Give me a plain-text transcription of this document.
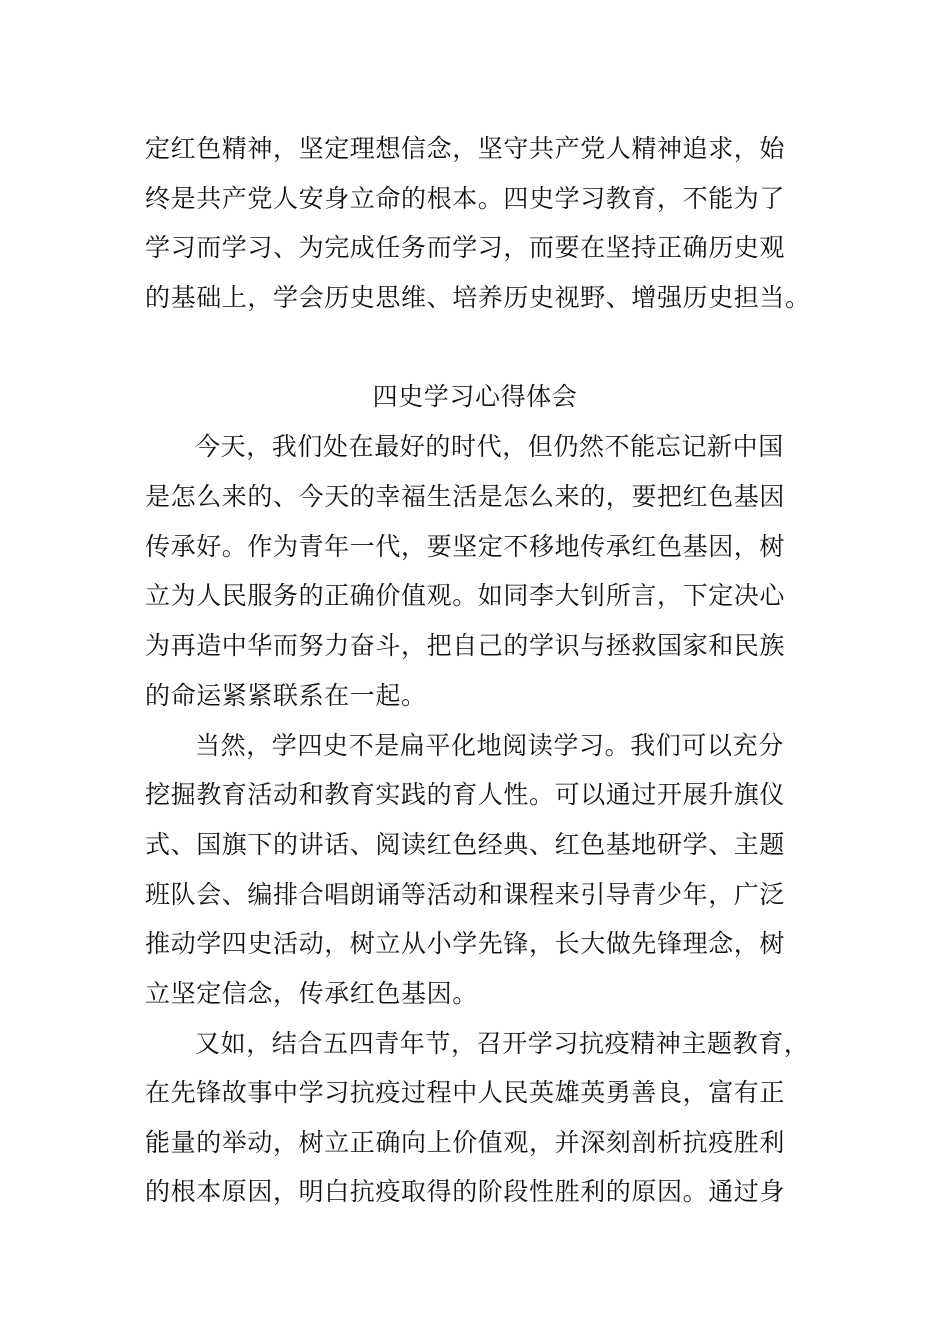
定红色精神，坚定理想信念，坚守共产党人精神追求，始
终是共产党人安身立命的根本。四史学习教育，不能为了
学习而学习、为完成任务而学习，而要在坚持正确历史观
的基础上，学会历史思维、培养历史视野、增强历史担当。
四史学习心得体会
今天，我们处在最好的时代，但仍然不能忘记新中国
是怎么来的、今天的幸福生活是怎么来的，要把红色基因
传承好。作为青年一代，要坚定不移地传承红色基因，树
立为人民服务的正确价值观。如同李大钊所言，下定决心
为再造中华而努力奋斗，把自己的学识与拯救国家和民族
的命运紧紧联系在一起。
当然，学四史不是扁平化地阅读学习。我们可以充分
挖掘教育活动和教育实践的育人性。可以通过开展升旗仪
式、国旗下的讲话、阅读红色经典、红色基地研学、主题
班队会、编排合唱朗诵等活动和课程来引导青少年，广泛
推动学四史活动，树立从小学先锋，长大做先锋理念，树
立坚定信念，传承红色基因。
又如，结合五四青年节，召开学习抗疫精神主题教育，
在先锋故事中学习抗疫过程中人民英雄英勇善良，富有正
能量的举动，树立正确向上价值观，并深刻剖析抗疫胜利
的根本原因，明白抗疫取得的阶段性胜利的原因。通过身
